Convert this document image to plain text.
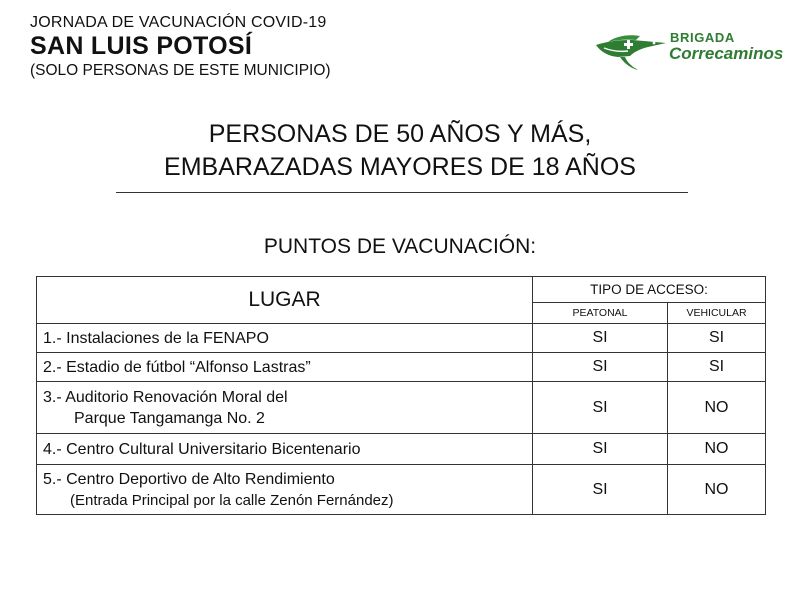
JORNADA DE VACUNACIÓN COVID-19
SAN LUIS POTOSÍ
(SOLO PERSONAS DE ESTE MUNICIPIO)
BRIGADA
Correcaminos
PERSONAS DE 50 AÑOS Y MÁS,
EMBARAZADAS MAYORES DE 18 AÑOS
PUNTOS DE VACUNACIÓN:
LUGAR	TIPO DE ACCESO:	
	PEATONAL	VEHICULAR

1.- Instalaciones de la FENAPO	SI	SI

2.- Estadio de fútbol “Alfonso Lastras”	SI	SI

3.- Auditorio Renovación Moral del
Parque Tangamanga No. 2	SI	NO

4.- Centro Cultural Universitario Bicentenario	SI	NO

5.- Centro Deportivo de Alto Rendimiento
(Entrada Principal por la calle Zenón Fernández)	SI	NO
